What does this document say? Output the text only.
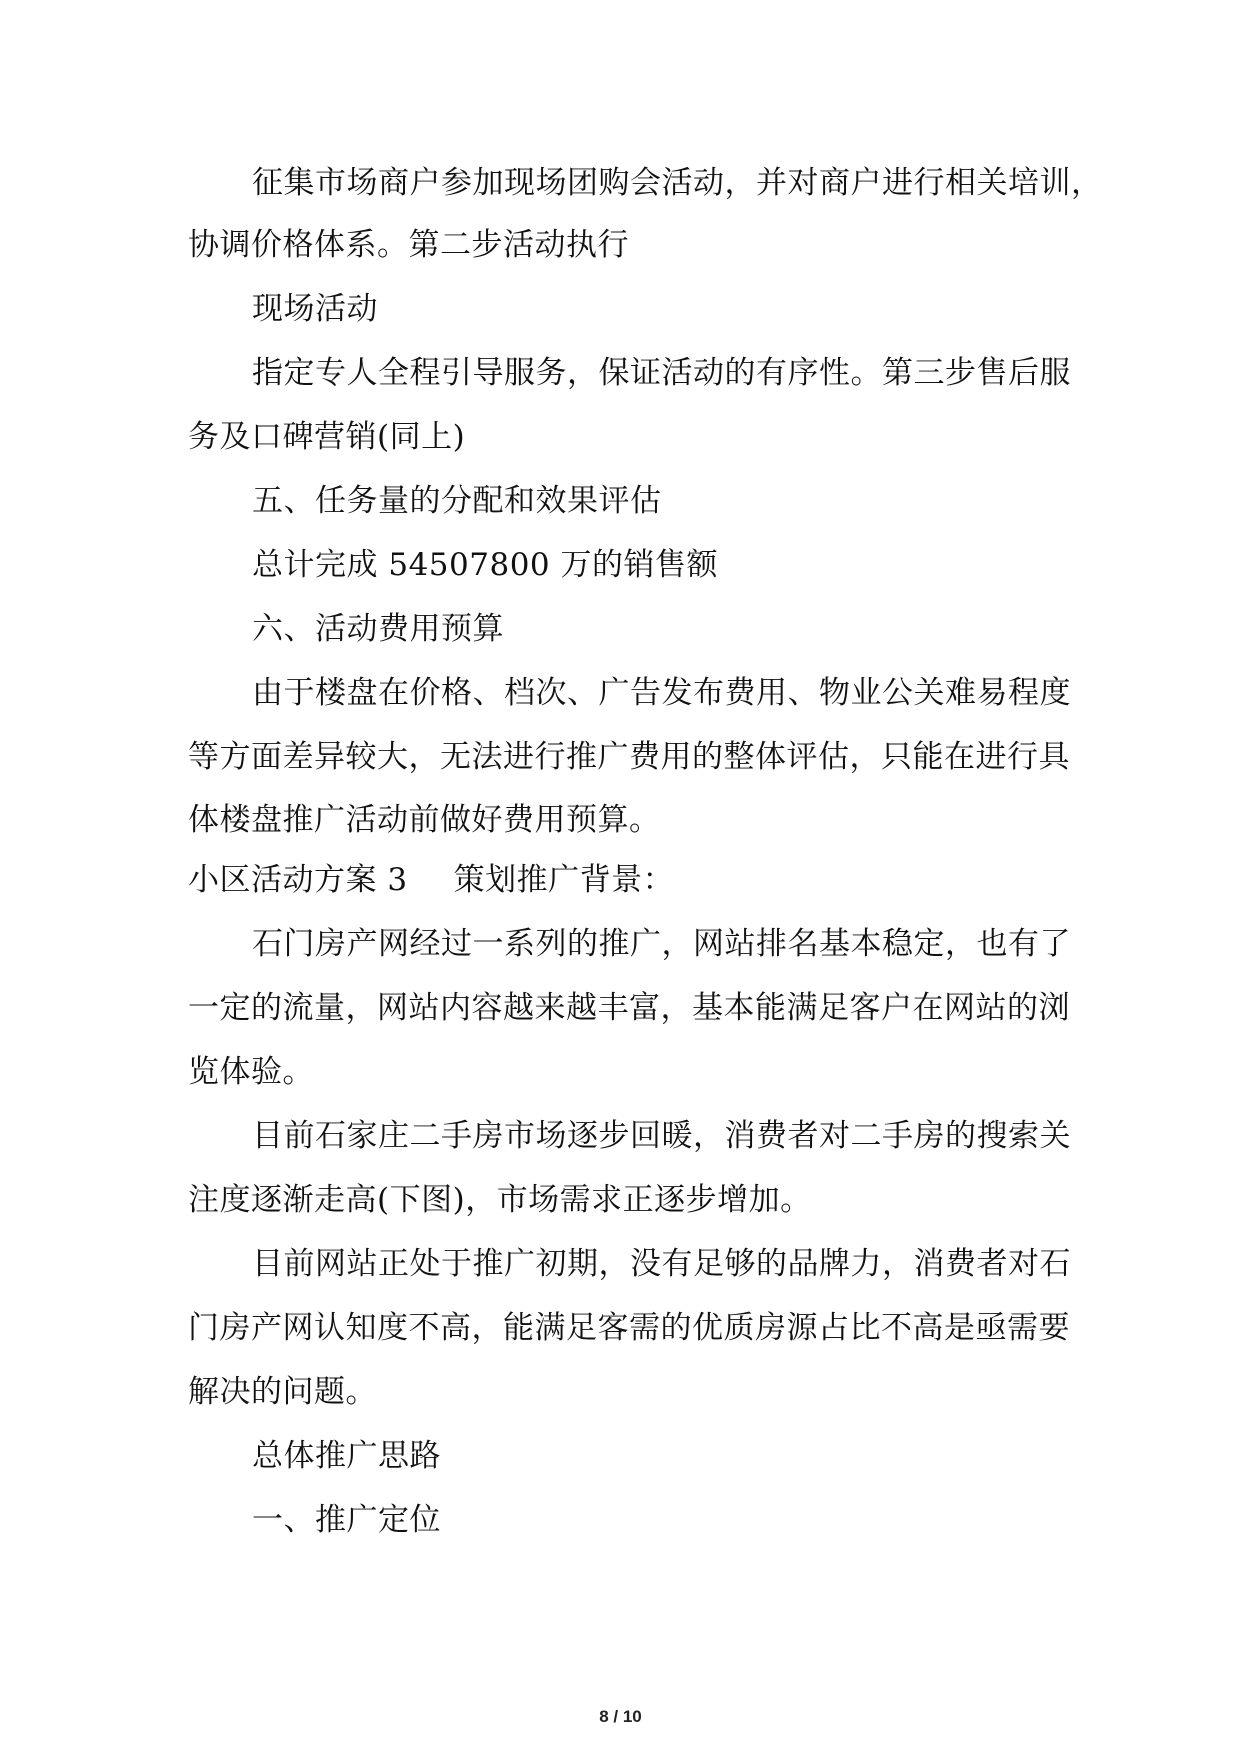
征集市场商户参加现场团购会活动，并对商户进行相关培训，
协调价格体系。第二步活动执行
现场活动
指定专人全程引导服务，保证活动的有序性。第三步售后服
务及口碑营销(同上)
五、任务量的分配和效果评估
总计完成 54507800 万的销售额
六、活动费用预算
由于楼盘在价格、档次、广告发布费用、物业公关难易程度
等方面差异较大，无法进行推广费用的整体评估，只能在进行具
体楼盘推广活动前做好费用预算。
小区活动方案 3 策划推广背景：
石门房产网经过一系列的推广，网站排名基本稳定，也有了
一定的流量，网站内容越来越丰富，基本能满足客户在网站的浏
览体验。
目前石家庄二手房市场逐步回暖，消费者对二手房的搜索关
注度逐渐走高(下图)，市场需求正逐步增加。
目前网站正处于推广初期，没有足够的品牌力，消费者对石
门房产网认知度不高，能满足客需的优质房源占比不高是亟需要
解决的问题。
总体推广思路
一、推广定位
8 / 10
